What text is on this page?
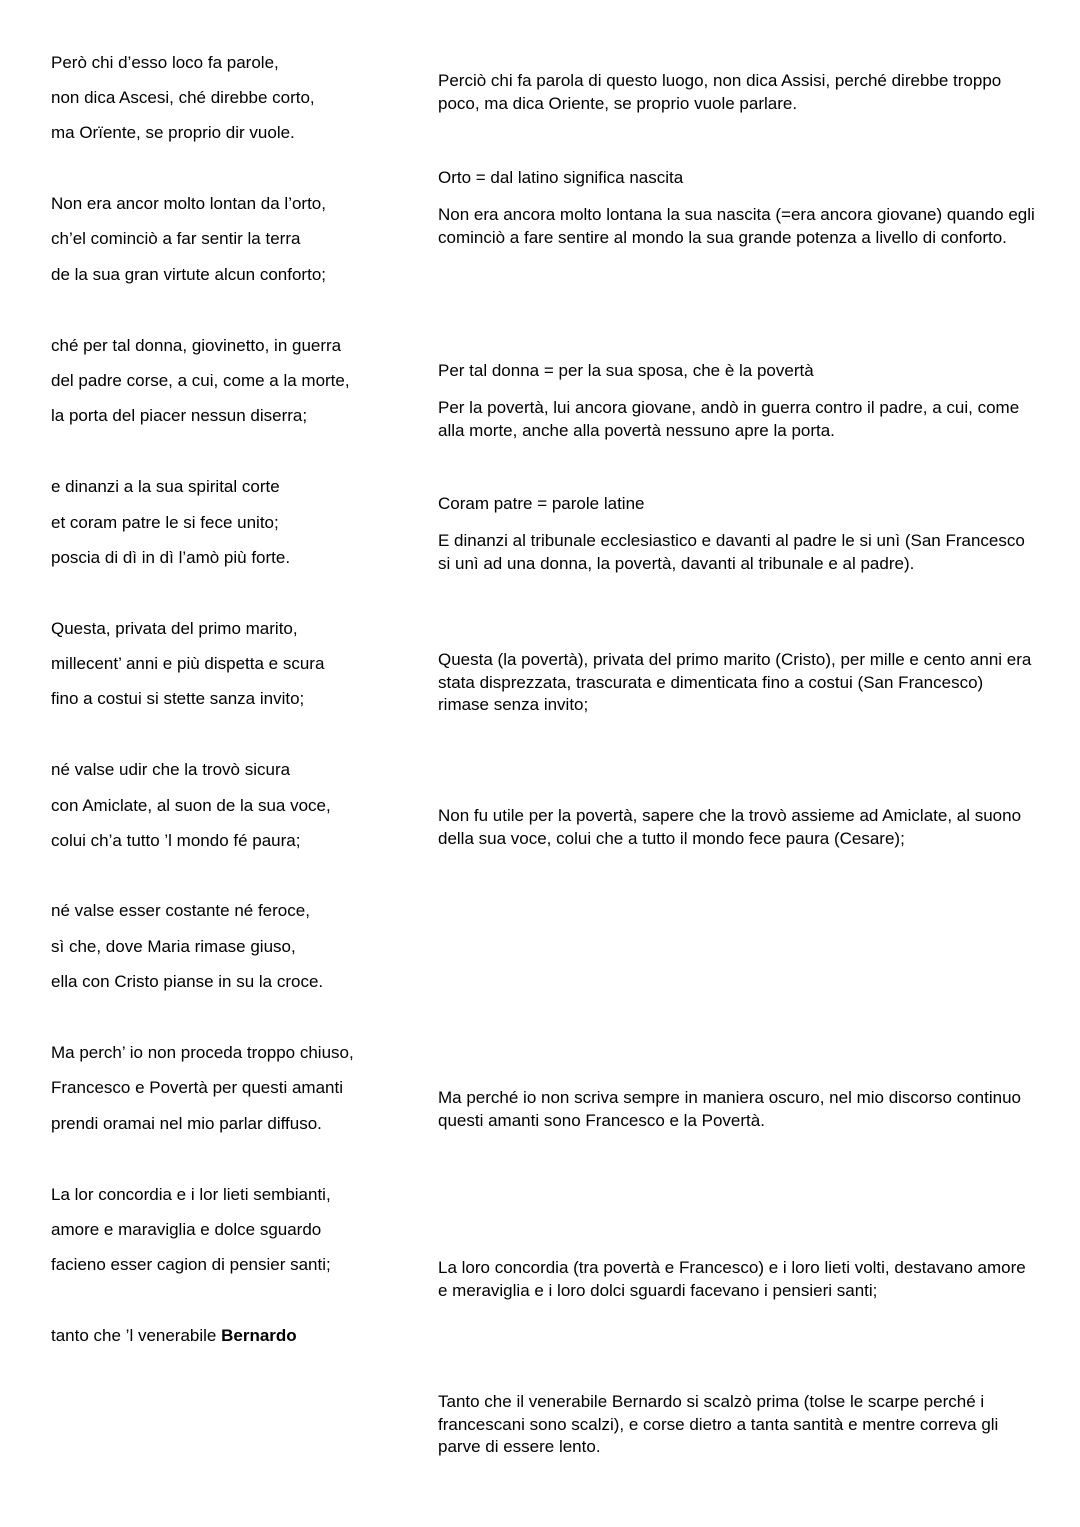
Però chi d’esso loco fa parole,
non dica Ascesi, ché direbbe corto,
ma Orïente, se proprio dir vuole.
Non era ancor molto lontan da l’orto,
ch’el cominciò a far sentir la terra
de la sua gran virtute alcun conforto;
ché per tal donna, giovinetto, in guerra
del padre corse, a cui, come a la morte,
la porta del piacer nessun diserra;
e dinanzi a la sua spirital corte
et coram patre le si fece unito;
poscia di dì in dì l’amò più forte.
Questa, privata del primo marito,
millecent’ anni e più dispetta e scura
fino a costui si stette sanza invito;
né valse udir che la trovò sicura
con Amiclate, al suon de la sua voce,
colui ch’a tutto ’l mondo fé paura;
né valse esser costante né feroce,
sì che, dove Maria rimase giuso,
ella con Cristo pianse in su la croce.
Ma perch’ io non proceda troppo chiuso,
Francesco e Povertà per questi amanti
prendi oramai nel mio parlar diffuso.
La lor concordia e i lor lieti sembianti,
amore e maraviglia e dolce sguardo
facieno esser cagion di pensier santi;
tanto che ’l venerabile Bernardo
Perciò chi fa parola di questo luogo, non dica Assisi, perché direbbe troppo poco, ma dica Oriente, se proprio vuole parlare.
Orto = dal latino significa nascita
Non era ancora molto lontana la sua nascita (=era ancora giovane) quando egli cominciò a fare sentire al mondo la sua grande potenza a livello di conforto.
Per tal donna = per la sua sposa, che è la povertà
Per la povertà, lui ancora giovane, andò in guerra contro il padre, a cui, come alla morte, anche alla povertà nessuno apre la porta.
Coram patre = parole latine
E dinanzi al tribunale ecclesiastico e davanti al padre le si unì (San Francesco si unì ad una donna, la povertà, davanti al tribunale e al padre).
Questa (la povertà), privata del primo marito (Cristo), per mille e cento anni era stata disprezzata, trascurata e dimenticata fino a costui (San Francesco) rimase senza invito;
Non fu utile per la povertà, sapere che la trovò assieme ad Amiclate, al suono della sua voce, colui che a tutto il mondo fece paura (Cesare);
Ma perché io non scriva sempre in maniera oscuro, nel mio discorso continuo questi amanti sono Francesco e la Povertà.
La loro concordia (tra povertà e Francesco) e i loro lieti volti, destavano amore e meraviglia e i loro dolci sguardi facevano i pensieri santi;
Tanto che il venerabile Bernardo si scalzò prima (tolse le scarpe perché i francescani sono scalzi), e corse dietro a tanta santità e mentre correva gli parve di essere lento.
